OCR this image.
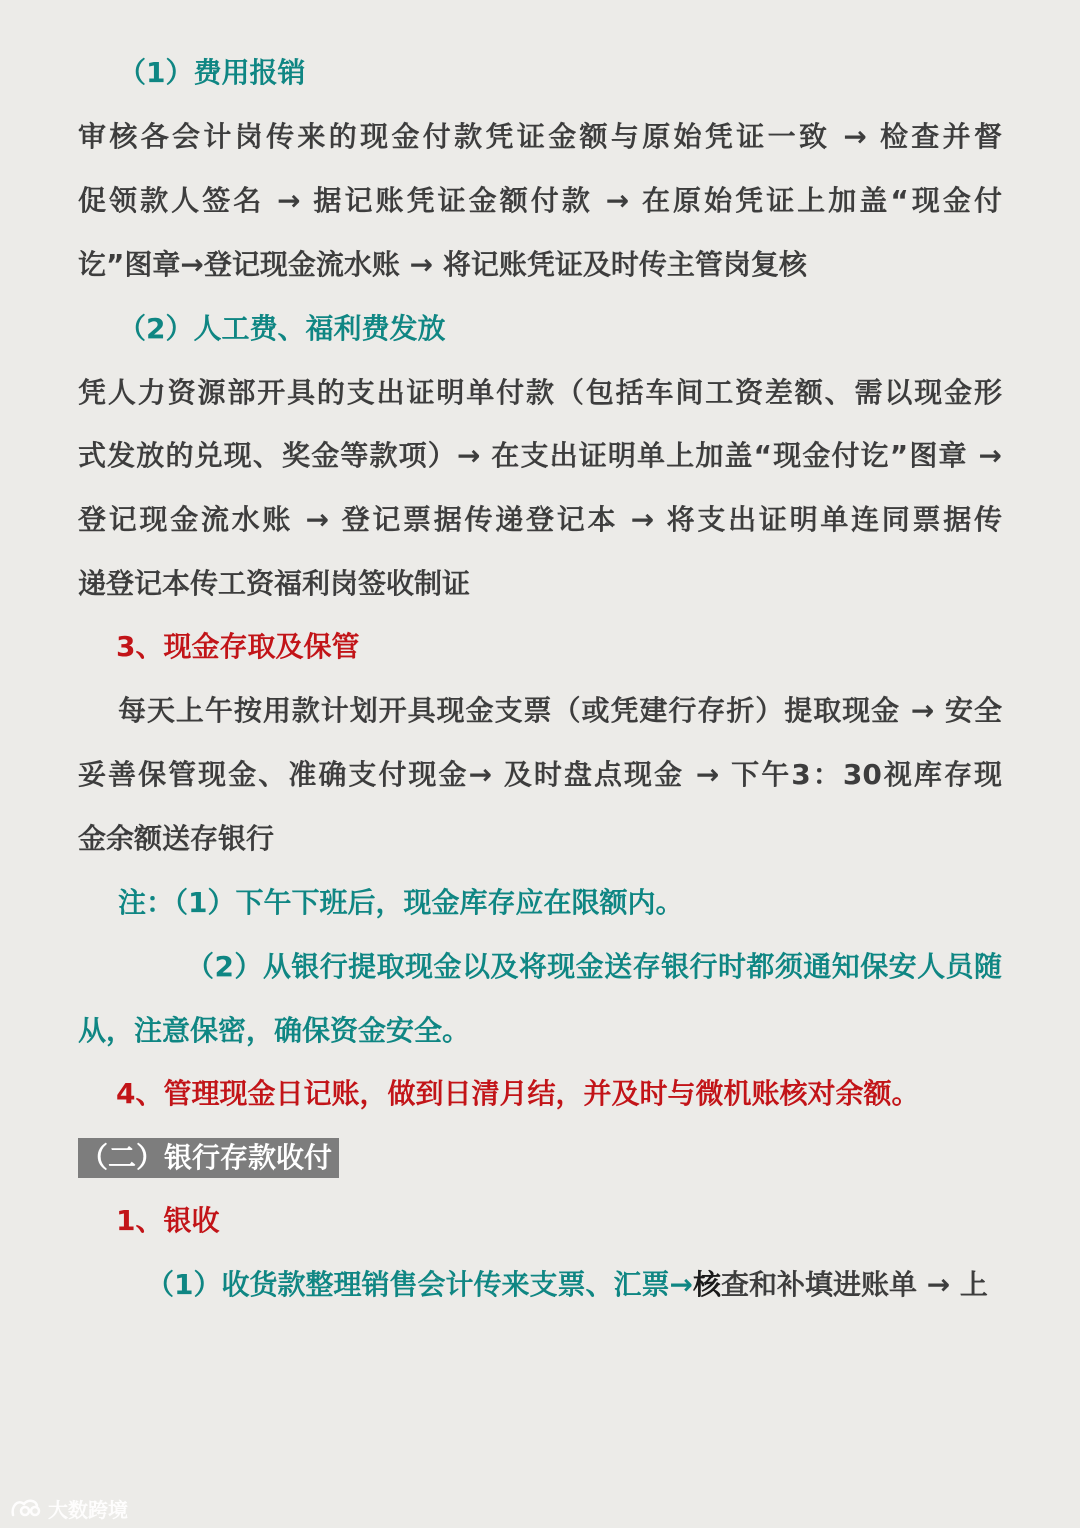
（1）费用报销
审核各会计岗传来的现金付款凭证金额与原始凭证一致 → 检查并督
促领款人签名 → 据记账凭证金额付款 → 在原始凭证上加盖“现金付
讫”图章→登记现金流水账 → 将记账凭证及时传主管岗复核
（2）人工费、福利费发放
凭人力资源部开具的支出证明单付款（包括车间工资差额、需以现金形
式发放的兑现、奖金等款项）→ 在支出证明单上加盖“现金付讫”图章 →
登记现金流水账 → 登记票据传递登记本 → 将支出证明单连同票据传
递登记本传工资福利岗签收制证
3、现金存取及保管
每天上午按用款计划开具现金支票（或凭建行存折）提取现金 → 安全
妥善保管现金、准确支付现金→ 及时盘点现金 → 下午3：30视库存现
金余额送存银行
注：（1）下午下班后，现金库存应在限额内。
（2）从银行提取现金以及将现金送存银行时都须通知保安人员随
从，注意保密，确保资金安全。
4、管理现金日记账，做到日清月结，并及时与微机账核对余额。
（二）银行存款收付
1、银收
（1）收货款整理销售会计传来支票、汇票→ 核 查和补填进账单 → 上
大数跨境
